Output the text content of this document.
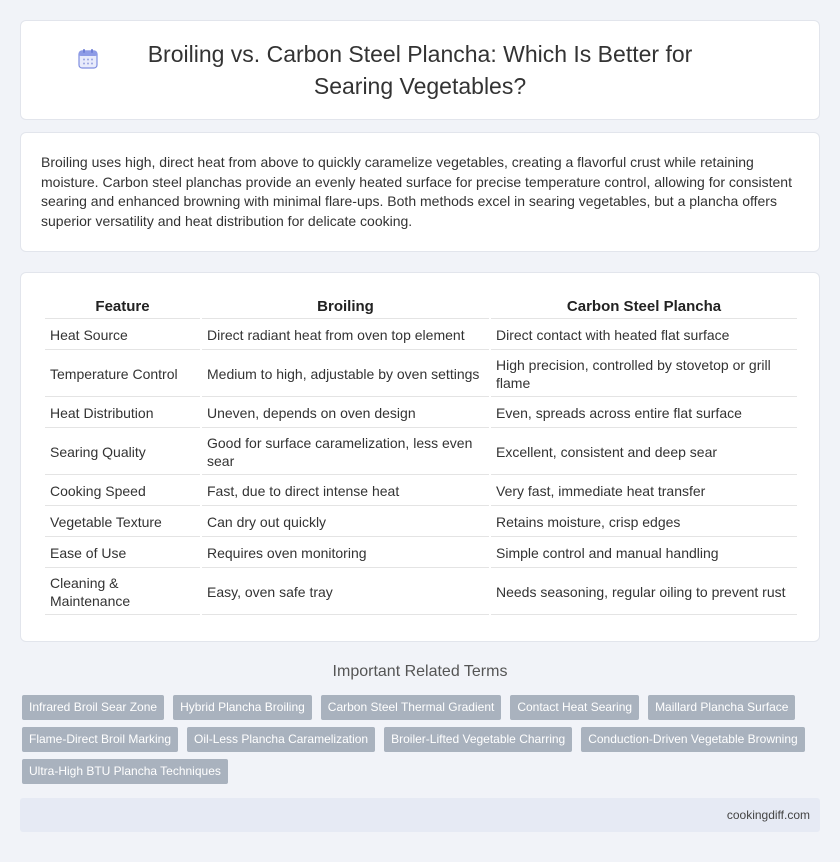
Broiling vs. Carbon Steel Plancha: Which Is Better for Searing Vegetables?

Broiling uses high, direct heat from above to quickly caramelize vegetables, creating a flavorful crust while retaining moisture. Carbon steel planchas provide an evenly heated surface for precise temperature control, allowing for consistent searing and enhanced browning with minimal flare-ups. Both methods excel in searing vegetables, but a plancha offers superior versatility and heat distribution for delicate cooking.

Feature	Broiling	Carbon Steel Plancha
Heat Source	Direct radiant heat from oven top element	Direct contact with heated flat surface
Temperature Control	Medium to high, adjustable by oven settings	High precision, controlled by stovetop or grill flame
Heat Distribution	Uneven, depends on oven design	Even, spreads across entire flat surface
Searing Quality	Good for surface caramelization, less even sear	Excellent, consistent and deep sear
Cooking Speed	Fast, due to direct intense heat	Very fast, immediate heat transfer
Vegetable Texture	Can dry out quickly	Retains moisture, crisp edges
Ease of Use	Requires oven monitoring	Simple control and manual handling
Cleaning & Maintenance	Easy, oven safe tray	Needs seasoning, regular oiling to prevent rust
Important Related Terms
Infrared Broil Sear Zone	Hybrid Plancha Broiling	Carbon Steel Thermal Gradient	Contact Heat Searing	Maillard Plancha Surface
Flame-Direct Broil Marking	Oil-Less Plancha Caramelization	Broiler-Lifted Vegetable Charring	Conduction-Driven Vegetable Browning
Ultra-High BTU Plancha Techniques
cookingdiff.com
